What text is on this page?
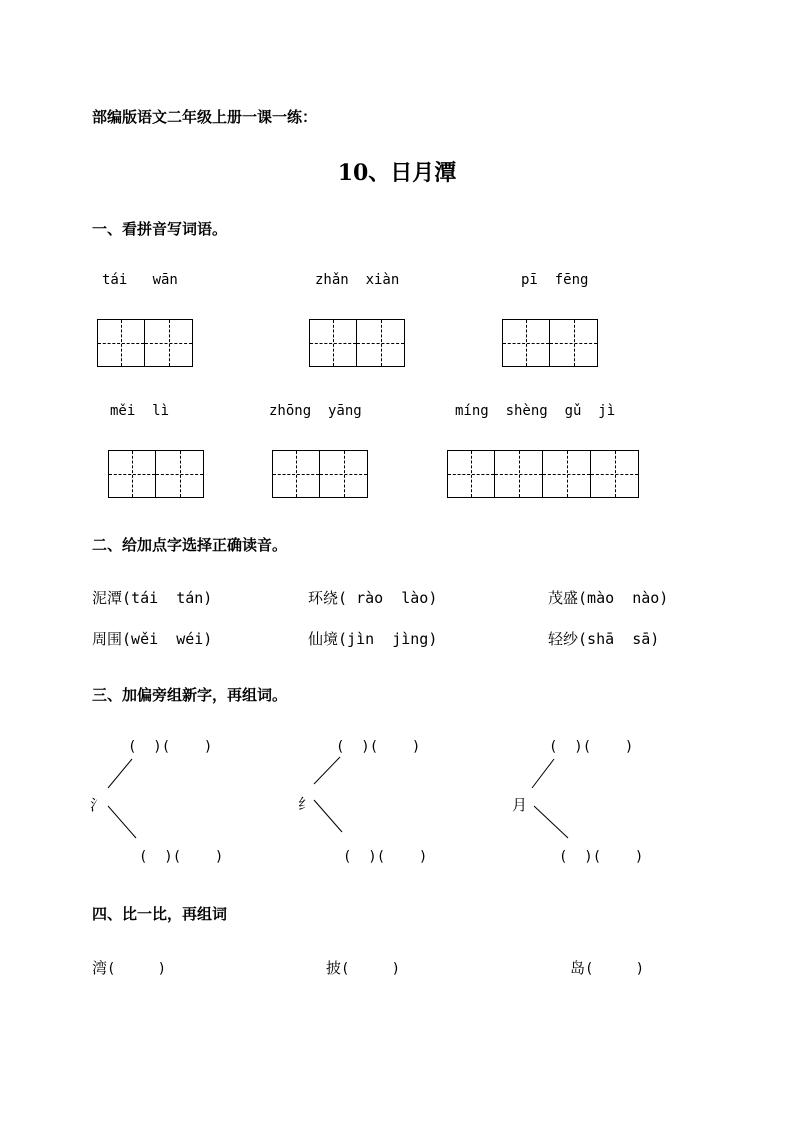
部编版语文二年级上册一课一练：
10、日月潭
一、看拼音写词语。
tái   wān	zhǎn  xiàn	pī  fēng
měi  lì	zhōng  yāng	míng  shèng  gǔ  jì
二、给加点字选择正确读音。
泥潭(tái  tán)	环绕( rào  lào)	茂盛(mào  nào)
周围(wěi  wéi)	仙境(jìn  jìng)	轻纱(shā  sā)
三、加偏旁组新字，再组词。
(  )(    )	(  )(    )	(  )(    )
氵	纟	月
(  )(    )	(  )(    )	(  )(    )
四、比一比，再组词
湾(     )	披(     )	岛(     )
